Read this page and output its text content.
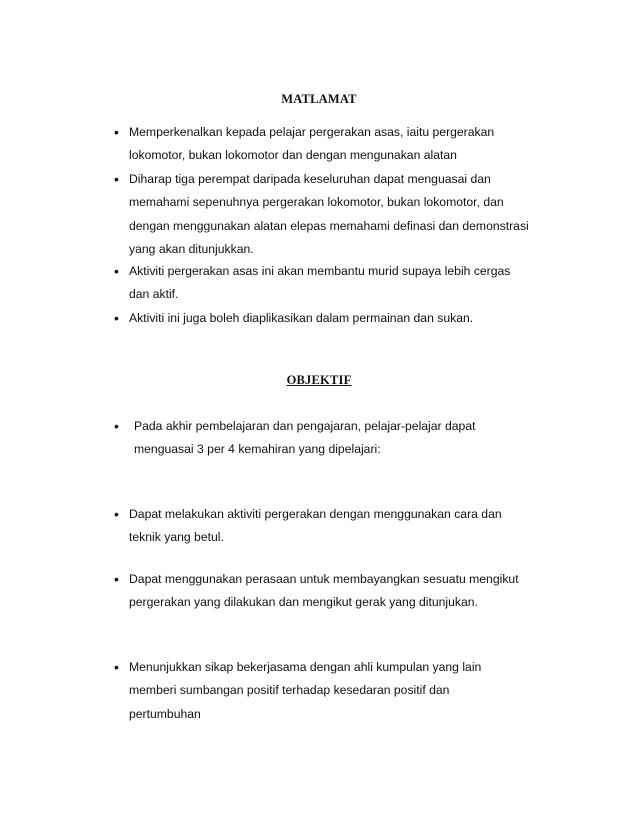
MATLAMAT
• Memperkenalkan kepada pelajar pergerakan asas, iaitu pergerakan
lokomotor, bukan lokomotor dan dengan mengunakan alatan
• Diharap tiga perempat daripada keseluruhan dapat menguasai dan
memahami sepenuhnya pergerakan lokomotor, bukan lokomotor, dan
dengan menggunakan alatan elepas memahami definasi dan demonstrasi
yang akan ditunjukkan.
• Aktiviti pergerakan asas ini akan membantu murid supaya lebih cergas
dan aktif.
• Aktiviti ini juga boleh diaplikasikan dalam permainan dan sukan.
OBJEKTIF
• Pada akhir pembelajaran dan pengajaran, pelajar-pelajar dapat
menguasai 3 per 4 kemahiran yang dipelajari:
• Dapat melakukan aktiviti pergerakan dengan menggunakan cara dan
teknik yang betul.
• Dapat menggunakan perasaan untuk membayangkan sesuatu mengikut
pergerakan yang dilakukan dan mengikut gerak yang ditunjukan.
• Menunjukkan sikap bekerjasama dengan ahli kumpulan yang lain
memberi sumbangan positif terhadap kesedaran positif dan
pertumbuhan
